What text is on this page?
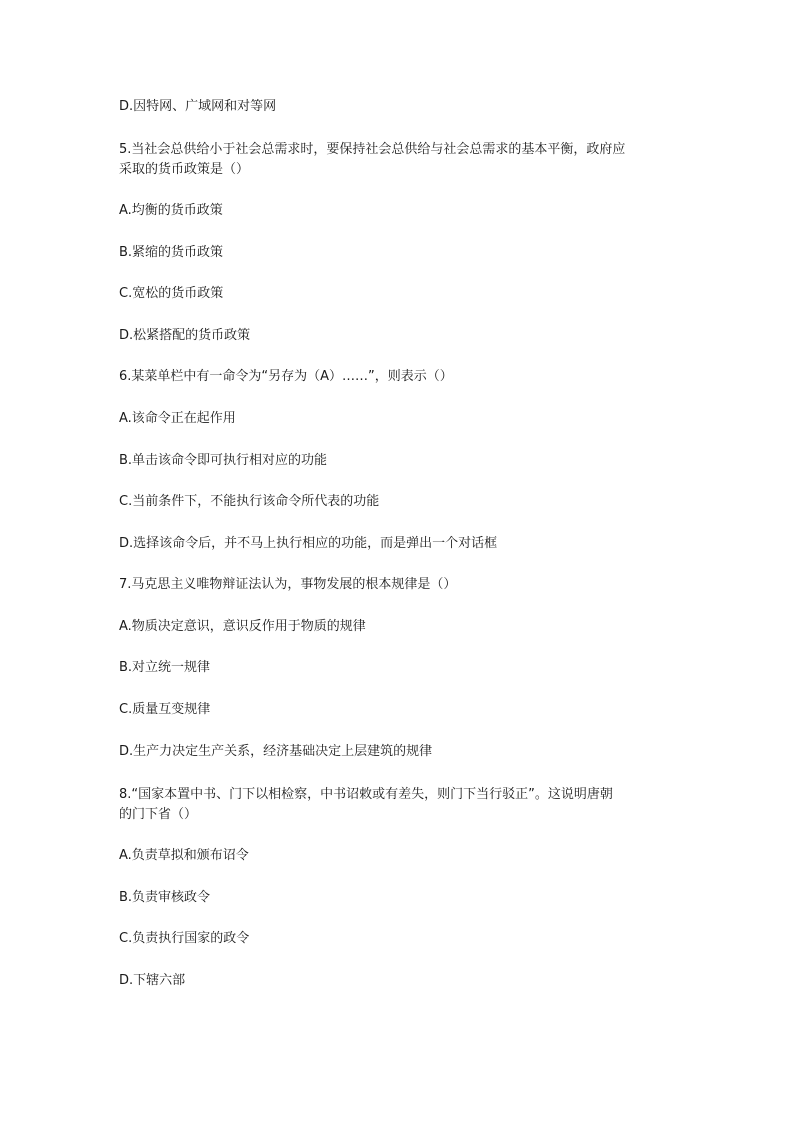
D.因特网、广域网和对等网
5.当社会总供给小于社会总需求时，要保持社会总供给与社会总需求的基本平衡，政府应
采取的货币政策是（）
A.均衡的货币政策
B.紧缩的货币政策
C.宽松的货币政策
D.松紧搭配的货币政策
6.某菜单栏中有一命令为“另存为（A）……”，则表示（）
A.该命令正在起作用
B.单击该命令即可执行相对应的功能
C.当前条件下，不能执行该命令所代表的功能
D.选择该命令后，并不马上执行相应的功能，而是弹出一个对话框
7.马克思主义唯物辩证法认为，事物发展的根本规律是（）
A.物质决定意识，意识反作用于物质的规律
B.对立统一规律
C.质量互变规律
D.生产力决定生产关系，经济基础决定上层建筑的规律
8.“国家本置中书、门下以相检察，中书诏敕或有差失，则门下当行驳正”。这说明唐朝
的门下省（）
A.负责草拟和颁布诏令
B.负责审核政令
C.负责执行国家的政令
D.下辖六部
